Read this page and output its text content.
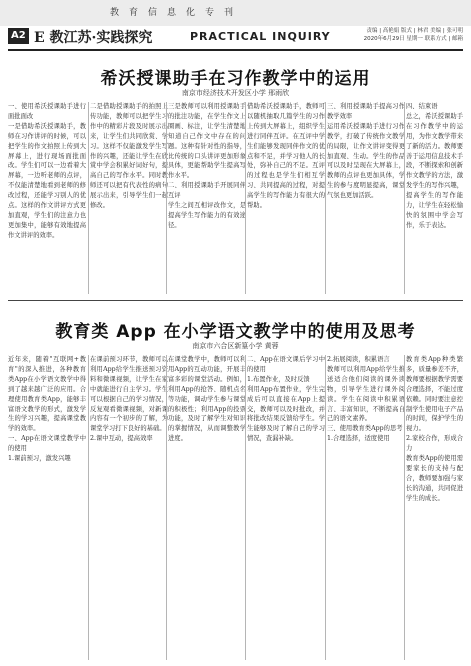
教育信息化专刊
A2 E 教江苏·实践探究	PRACTICAL INQUIRY	责编 | 高艳娟 版式 | 林君 美编 | 张可明
2020年6月29日 星期一 联系方式 | 邮箱
希沃授课助手在习作教学中的运用
南京市经济技术开发区小学 邢雨欣
一、使用希沃授课助手进行面批面改
一是借助希沃授课助手，教师在习作讲评的时候，可以把学生的作文拍照上传到大屏幕上，进行现场面批面改。学生们可以一边看着大屏幕，一边听老师的点评，不仅能清楚地看到老师的修改过程，还能学习别人的优点。这样的作文讲评方式更加直观，学生们的注意力也更加集中，能够有效地提高作文讲评的效率。
二是借助授课助手的拍照上传功能，教师可以把学生习作中的精彩片段及时展示出来，让学生们共同欣赏、学习。这样不仅能激发学生写作的兴趣，还能让学生在欣赏中学会积累好词好句，提高自己的写作水平。同时教师还可以把有代表性的病句展示出来，引导学生们一起修改。
三是教师可以利用授课助手的批注功能，在学生作文上圈画、标注，让学生清楚地知道自己作文中存在的问题。这种有针对性的指导，比传统的口头讲评更加形象具体，更能帮助学生提高写作水平。
二、利用授课助手开展同伴互评
学生之间互相评改作文，是提高学生写作能力的有效途径。
借助希沃授课助手，教师可以随机抽取几篇学生的习作上传到大屏幕上，组织学生进行同伴互评。在互评中学生们能够发现同伴作文的优点和不足，并学习他人的长处，弥补自己的不足。互评的过程也是学生们相互学习、共同提高的过程，对提高学生的写作能力有很大的帮助。
三、利用授课助手提高习作教学效率
运用希沃授课助手进行习作教学，打破了传统作文教学的局限，让作文讲评变得更加直观、生动。学生的作品可以及时呈现在大屏幕上，教师的点评也更加具体，学生的参与度明显提高，课堂气氛也更加活跃。
四、结束语
总之，希沃授课助手在习作教学中的运用，为作文教学带来了新的活力。教师要善于运用信息技术手段，不断探索和创新作文教学的方法，激发学生的写作兴趣，提高学生的写作能力，让学生在轻松愉快的氛围中学会写作，乐于表达。
教育类 App 在小学语文教学中的使用及思考
南京市六合区新篁小学 黄蓉
近年来，随着"互联网+教育"的深入推进，各种教育类App在小学语文教学中得到了越来越广泛的应用。合理使用教育类App，能够丰富语文教学的形式，激发学生的学习兴趣，提高课堂教学的效率。
一、App在语文课堂教学中的使用
1.课前预习，激发兴趣
在课前预习环节，教师可以利用App给学生推送预习资料和微课视频，让学生在家中就能进行自主学习。学生可以根据自己的学习情况，反复观看微课视频，对新课内容有一个初步的了解，为课堂学习打下良好的基础。
2.课中互动，提高效率
在课堂教学中，教师可以利用App的互动功能，开展丰富多彩的课堂活动。例如，利用App的抢答、随机点名等功能，调动学生参与课堂的积极性；利用App的投票功能，及时了解学生对知识的掌握情况，从而调整教学进度。
二、App在语文课后学习中的使用
1.布置作业，及时反馈
利用App布置作业，学生完成后可以直接在App上提交，教师可以及时批改，并将批改结果反馈给学生。学生能够及时了解自己的学习情况，查漏补缺。
2.拓展阅读，积累语言
教师可以利用App给学生推送适合他们阅读的课外读物，引导学生进行课外阅读。学生在阅读中积累语言、丰富知识，不断提高自己的语文素养。
三、使用教育类App的思考
1.合理选择，适度使用
教育类App种类繁多，质量参差不齐，教师要根据教学需要合理选择，不能过度依赖。同时要注意控制学生使用电子产品的时间，保护学生的视力。
2.家校合作，形成合力
教育类App的使用需要家长的支持与配合，教师要加强与家长的沟通，共同促进学生的成长。
